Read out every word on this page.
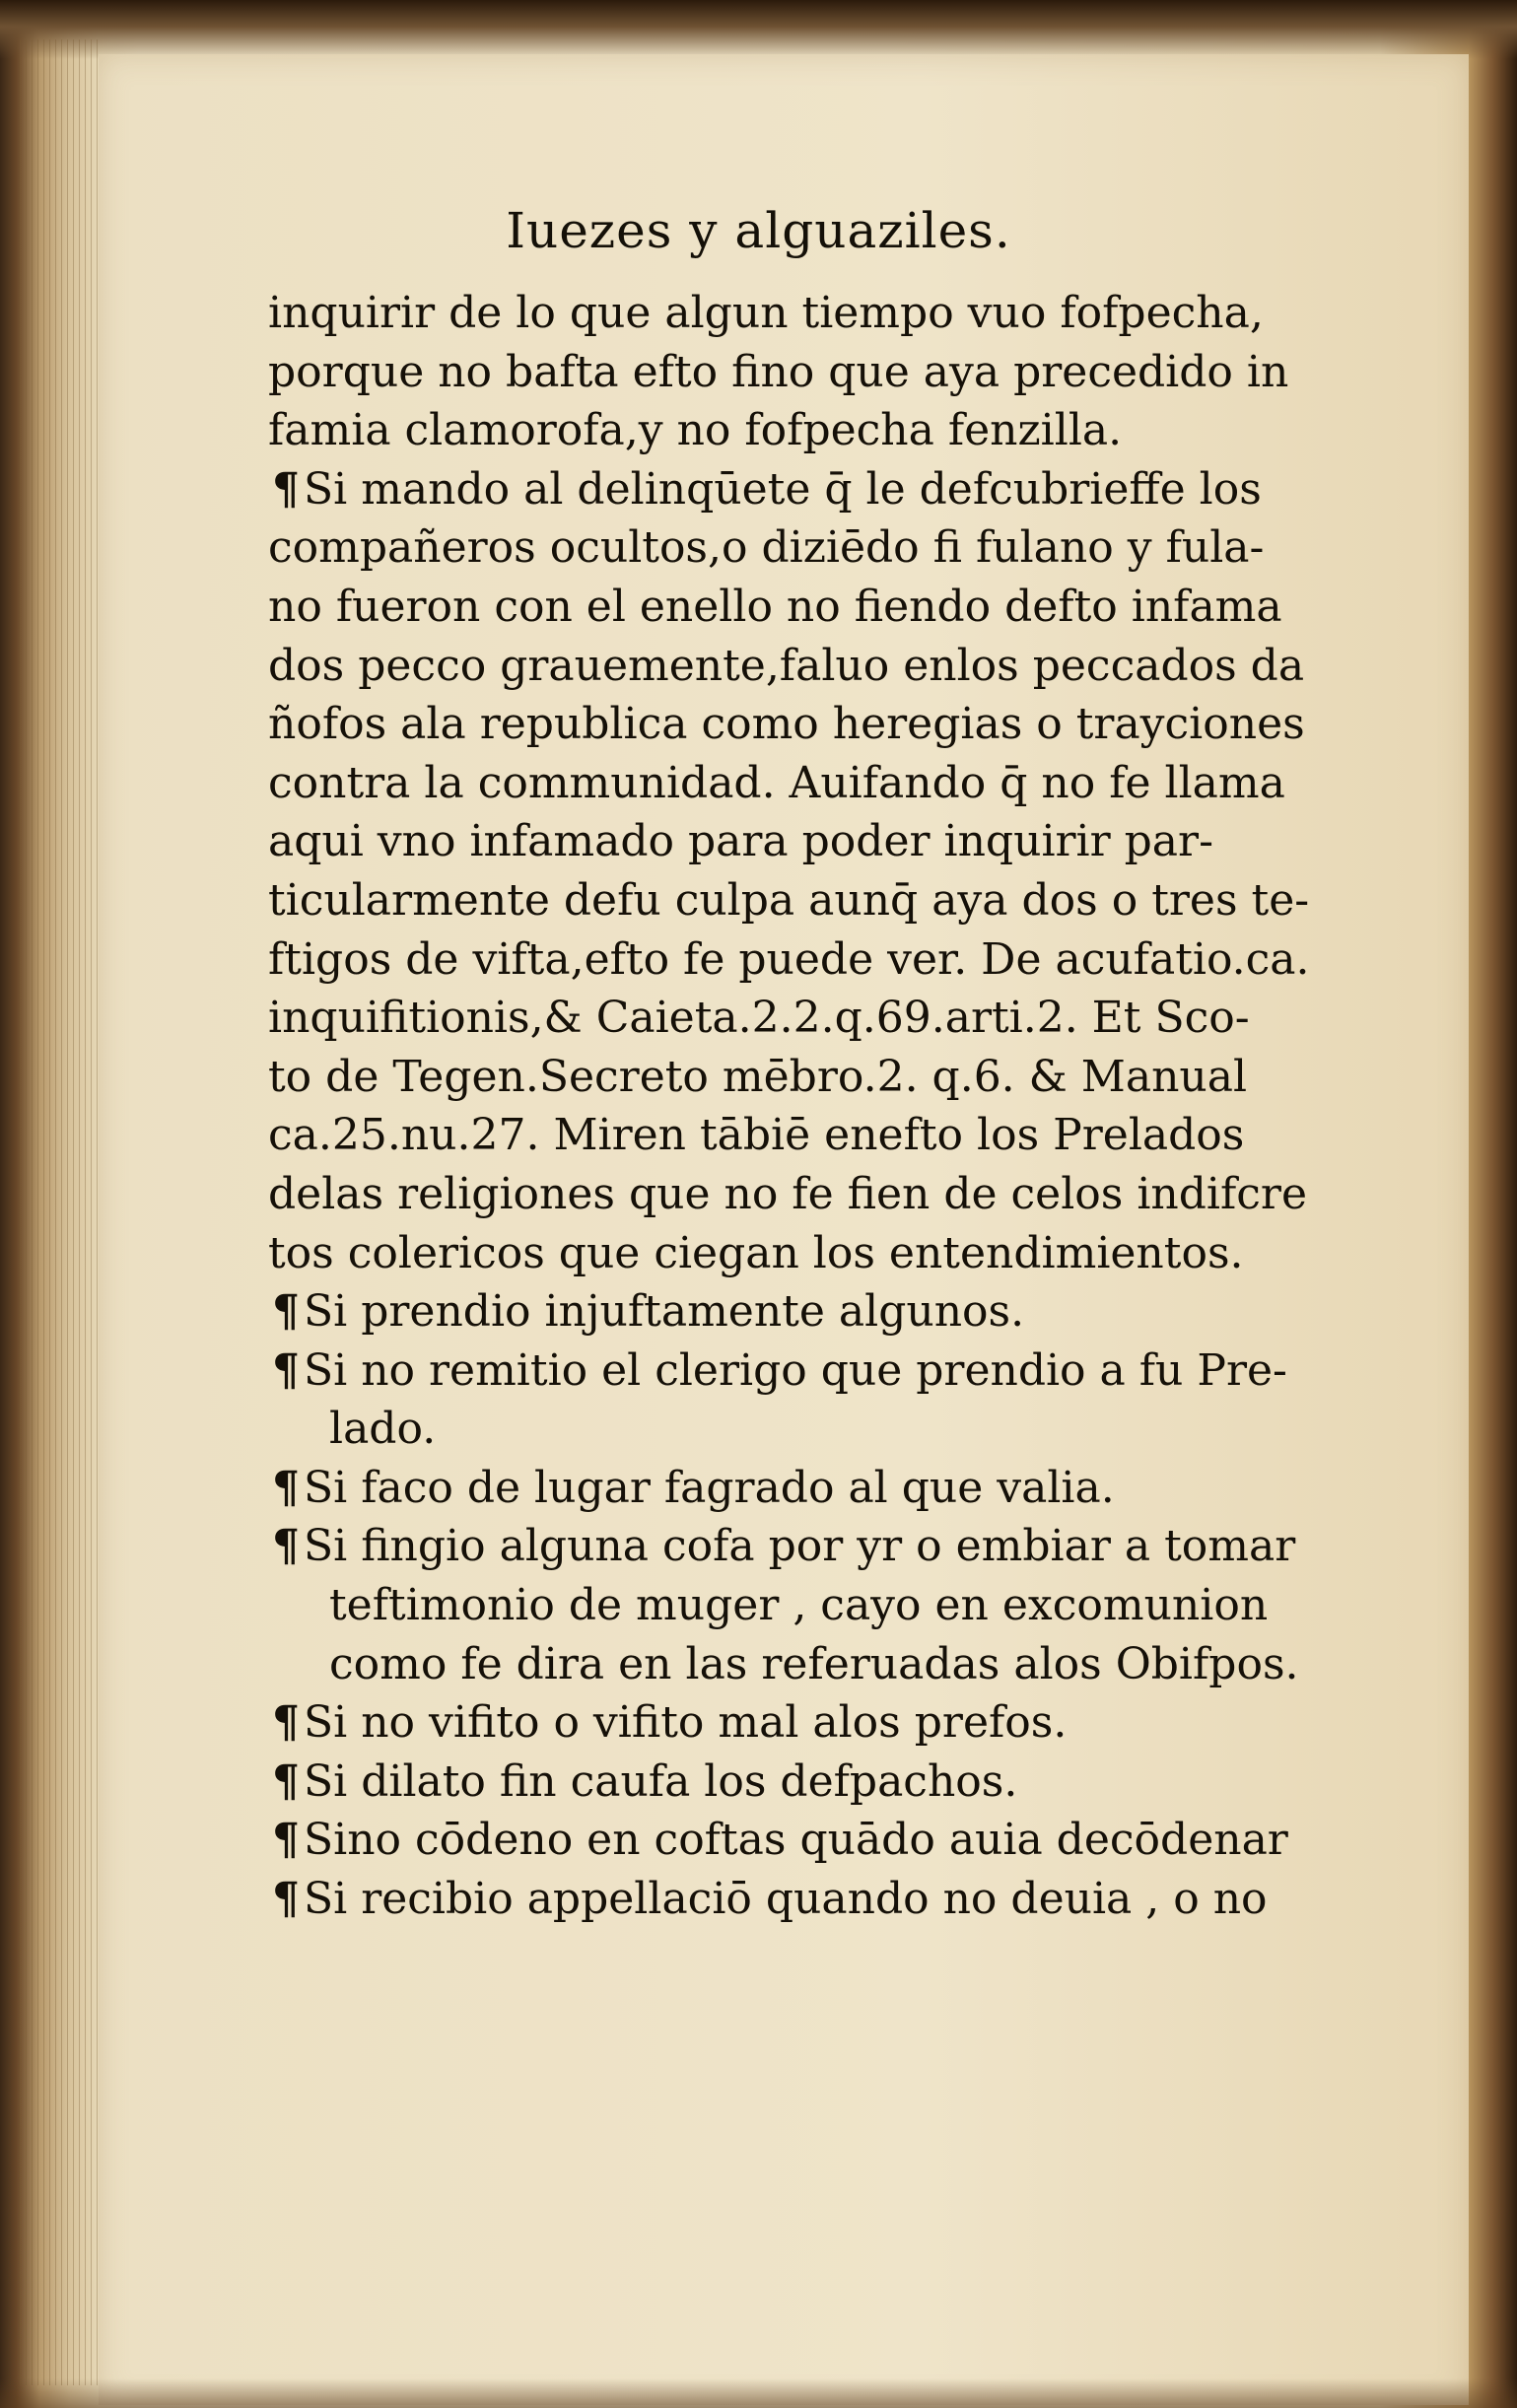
Iuezes y alguaziles.
inquirir de lo que algun tiempo vuo fofpecha,
porque no bafta efto fino que aya precedido in
famia clamorofa,y no fofpecha fenzilla.
¶Si mando al delinqūete q̄ le defcubrieffe los
compañeros ocultos,o diziēdo fi fulano y fula-
no fueron con el enello no fiendo defto infama
dos pecco grauemente,faluo enlos peccados da
ñofos ala republica como heregias o trayciones
contra la communidad. Auifando q̄ no fe llama
aqui vno infamado para poder inquirir par-
ticularmente defu culpa aunq̄ aya dos o tres te-
ftigos de vifta,efto fe puede ver. De acufatio.ca.
inquifitionis,& Caieta.2.2.q.69.arti.2. Et Sco-
to de Tegen.Secreto mēbro.2. q.6. & Manual
ca.25.nu.27. Miren tābiē enefto los Prelados
delas religiones que no fe fien de celos indifcre
tos colericos que ciegan los entendimientos.
¶Si prendio injuftamente algunos.
¶Si no remitio el clerigo que prendio a fu Pre-
lado.
¶Si faco de lugar fagrado al que valia.
¶Si fingio alguna cofa por yr o embiar a tomar
teftimonio de muger , cayo en excomunion
como fe dira en las referuadas alos Obifpos.
¶Si no vifito o vifito mal alos prefos.
¶Si dilato fin caufa los defpachos.
¶Sino cōdeno en coftas quādo auia decōdenar
¶Si recibio appellaciō quando no deuia , o no
